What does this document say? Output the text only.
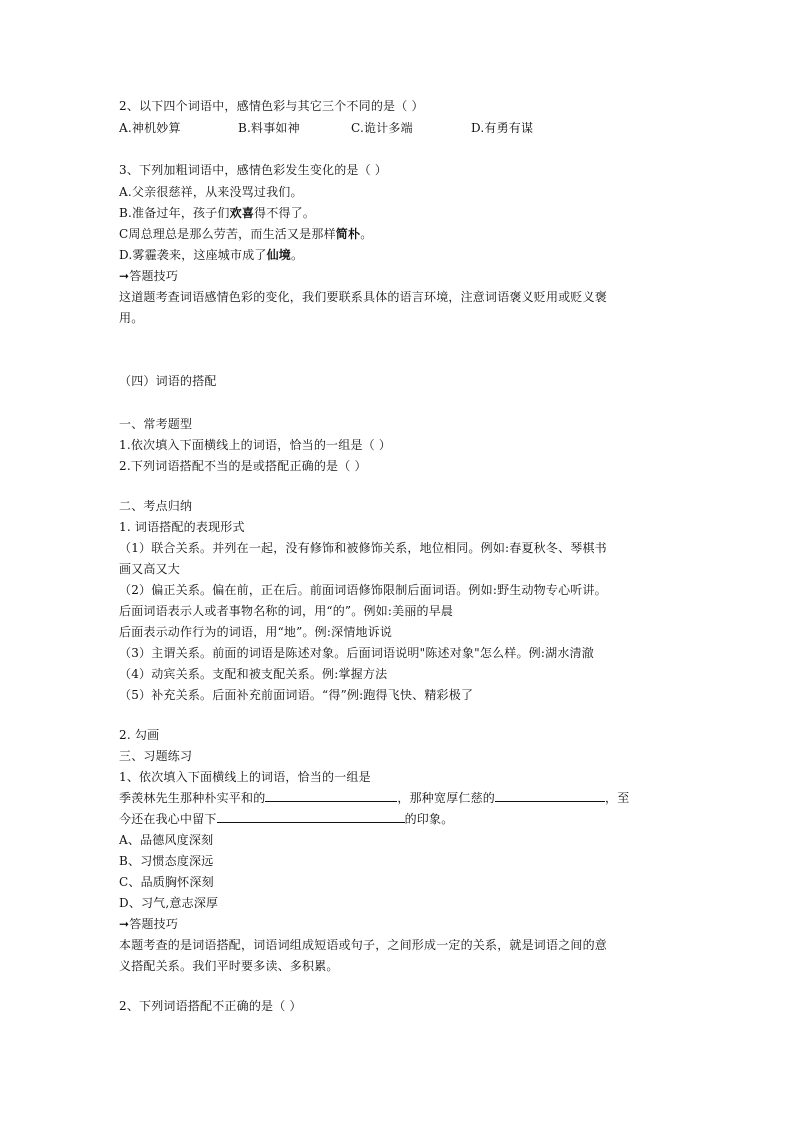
2、以下四个词语中，感情色彩与其它三个不同的是（ ）
A.神机妙算	B.料事如神	C.诡计多端	D.有勇有谋
3、下列加粗词语中，感情色彩发生变化的是（ ）
A.父亲很慈祥，从来没骂过我们。
B.准备过年，孩子们欢喜得不得了。
C周总理总是那么劳苦，而生活又是那样简朴。
D.雾霾袭来，这座城市成了仙境。
➞答题技巧
这道题考查词语感情色彩的变化，我们要联系具体的语言环境，注意词语褒义贬用或贬义褒
用。
（四）词语的搭配
一、常考题型
1.依次填入下面横线上的词语，恰当的一组是（ ）
2.下列词语搭配不当的是或搭配正确的是（ ）
二、考点归纳
1. 词语搭配的表现形式
（1）联合关系。并列在一起，没有修饰和被修饰关系，地位相同。例如:春夏秋冬、琴棋书
画又高又大
（2）偏正关系。偏在前，正在后。前面词语修饰限制后面词语。例如:野生动物专心听讲。
后面词语表示人或者事物名称的词，用“的”。例如:美丽的早晨
后面表示动作行为的词语，用“地”。例:深情地诉说
（3）主谓关系。前面的词语是陈述对象。后面词语说明"陈述对象"怎么样。例:湖水清澈
（4）动宾关系。支配和被支配关系。例:掌握方法
（5）补充关系。后面补充前面词语。“得”例:跑得飞快、精彩极了
2. 勾画
三、习题练习
1、依次填入下面横线上的词语，恰当的一组是
季羡林先生那种朴实平和的	，那种宽厚仁慈的	，至
今还在我心中留下	的印象。
A、品德风度深刻
B、习惯态度深远
C、品质胸怀深刻
D、习气,意志深厚
➞答题技巧
本题考查的是词语搭配，词语词组成短语或句子，之间形成一定的关系，就是词语之间的意
义搭配关系。我们平时要多读、多积累。
2、下列词语搭配不正确的是（ ）
